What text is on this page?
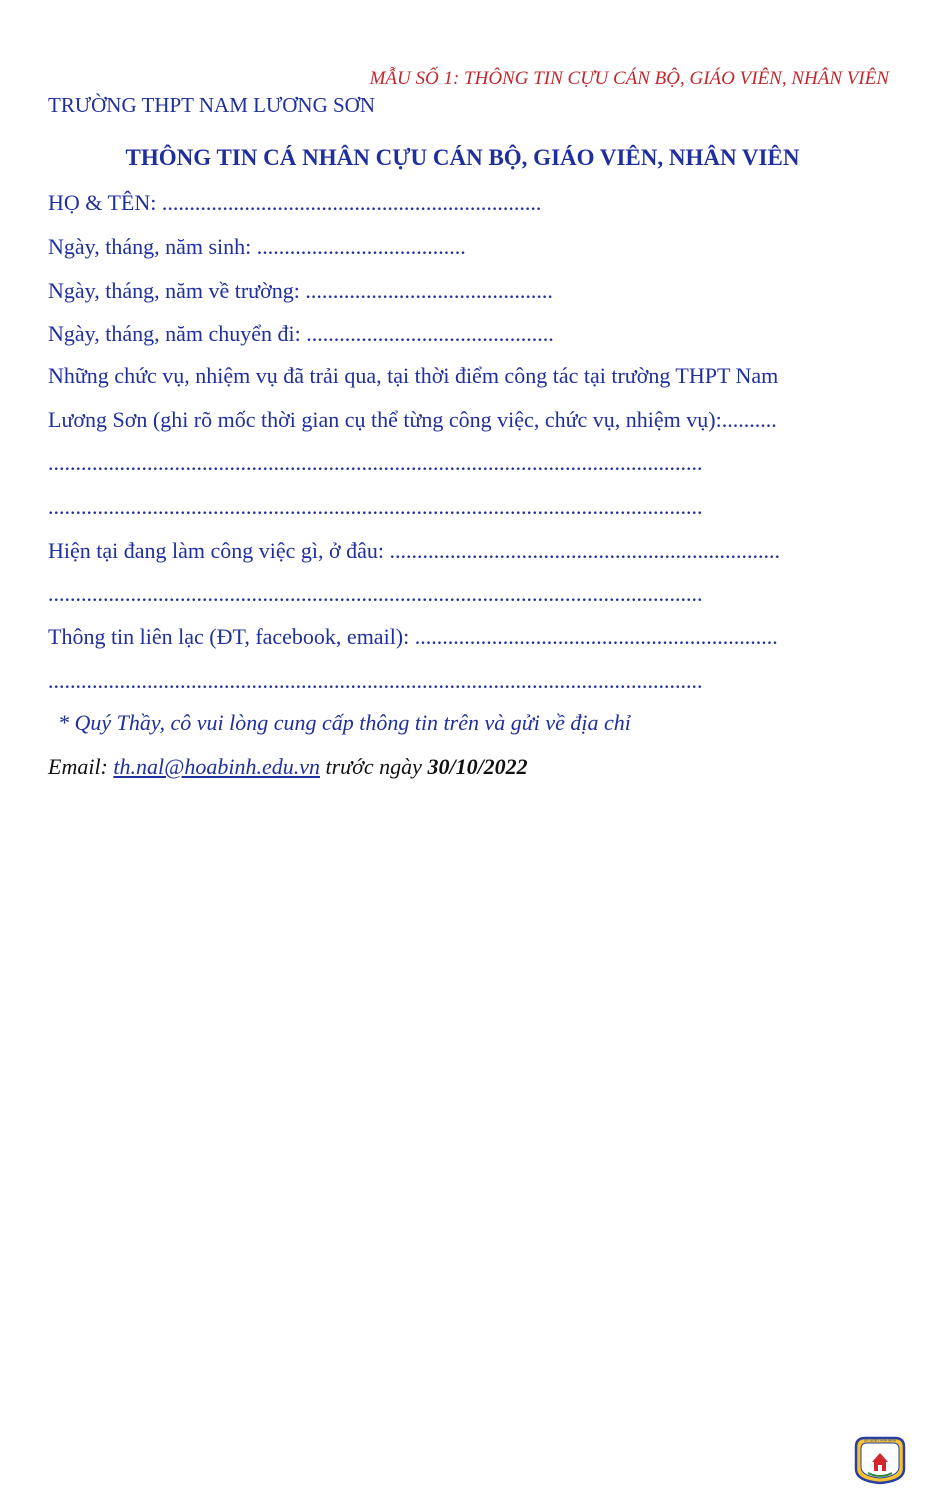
MẪU SỐ 1: THÔNG TIN CỰU CÁN BỘ, GIÁO VIÊN, NHÂN VIÊN
TRƯỜNG THPT NAM LƯƠNG SƠN
THÔNG TIN CÁ NHÂN CỰU CÁN BỘ, GIÁO VIÊN, NHÂN VIÊN
HỌ & TÊN: .....................................................................
Ngày, tháng, năm sinh: ......................................
Ngày, tháng, năm về trường: .............................................
Ngày, tháng, năm chuyển đi: .............................................
Những chức vụ, nhiệm vụ đã trải qua, tại thời điểm công tác tại trường THPT Nam
Lương Sơn (ghi rõ mốc thời gian cụ thể từng công việc, chức vụ, nhiệm vụ):..........
.......................................................................................................................
.......................................................................................................................
Hiện tại đang làm công việc gì, ở đâu: .......................................................................
.......................................................................................................................
Thông tin liên lạc (ĐT, facebook, email): ..................................................................
.......................................................................................................................
* Quý Thầy, cô vui lòng cung cấp thông tin trên và gửi về địa chỉ
Email: th.nal@hoabinh.edu.vn trước ngày 30/10/2022
SỞ GDĐT HÒA BÌNH
